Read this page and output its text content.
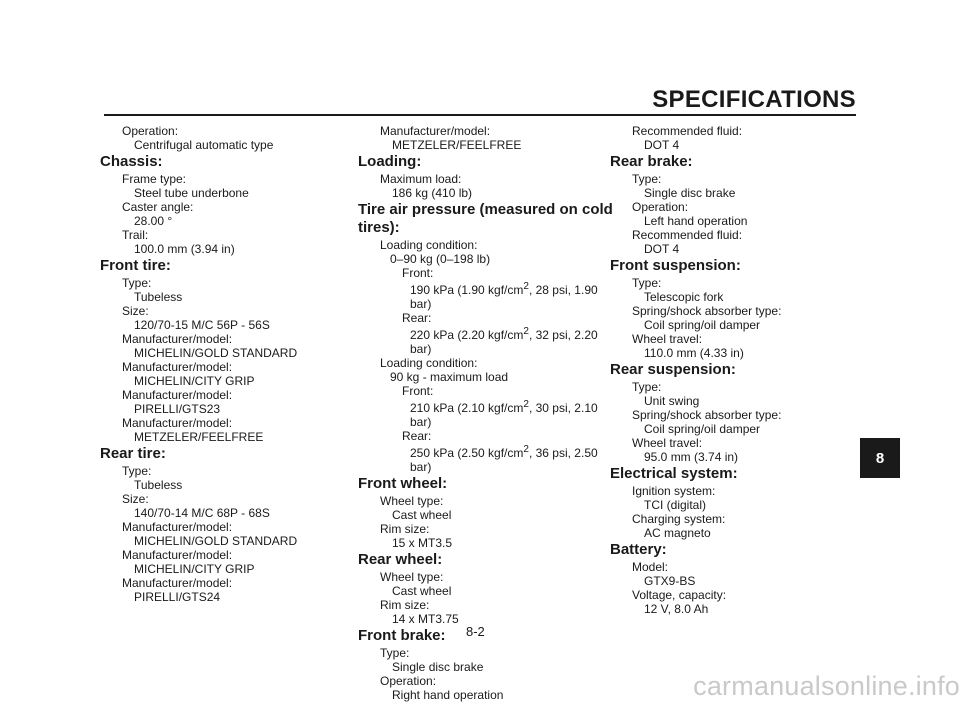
SPECIFICATIONS
Operation:
Centrifugal automatic type
Chassis:
Frame type:
Steel tube underbone
Caster angle:
28.00 °
Trail:
100.0 mm (3.94 in)
Front tire:
Type:
Tubeless
Size:
120/70-15 M/C 56P - 56S
Manufacturer/model:
MICHELIN/GOLD STANDARD
Manufacturer/model:
MICHELIN/CITY GRIP
Manufacturer/model:
PIRELLI/GTS23
Manufacturer/model:
METZELER/FEELFREE
Rear tire:
Type:
Tubeless
Size:
140/70-14 M/C 68P - 68S
Manufacturer/model:
MICHELIN/GOLD STANDARD
Manufacturer/model:
MICHELIN/CITY GRIP
Manufacturer/model:
PIRELLI/GTS24
Manufacturer/model:
METZELER/FEELFREE
Loading:
Maximum load:
186 kg (410 lb)
Tire air pressure (measured on cold
tires):
Loading condition:
0–90 kg (0–198 lb)
Front:
190 kPa (1.90 kgf/$cm^2$, 28 psi, 1.90 bar)
Rear:
220 kPa (2.20 kgf/$cm^2$, 32 psi, 2.20 bar)
Loading condition:
90 kg - maximum load
Front:
210 kPa (2.10 kgf/$cm^2$, 30 psi, 2.10 bar)
Rear:
250 kPa (2.50 kgf/$cm^2$, 36 psi, 2.50 bar)
Front wheel:
Wheel type:
Cast wheel
Rim size:
15 x MT3.5
Rear wheel:
Wheel type:
Cast wheel
Rim size:
14 x MT3.75
Front brake:
Type:
Single disc brake
Operation:
Right hand operation
Recommended fluid:
DOT 4
Rear brake:
Type:
Single disc brake
Operation:
Left hand operation
Recommended fluid:
DOT 4
Front suspension:
Type:
Telescopic fork
Spring/shock absorber type:
Coil spring/oil damper
Wheel travel:
110.0 mm (4.33 in)
Rear suspension:
Type:
Unit swing
Spring/shock absorber type:
Coil spring/oil damper
Wheel travel:
95.0 mm (3.74 in)
Electrical system:
Ignition system:
TCI (digital)
Charging system:
AC magneto
Battery:
Model:
GTX9-BS
Voltage, capacity:
12 V, 8.0 Ah
8
8-2
carmanualsonline.info
